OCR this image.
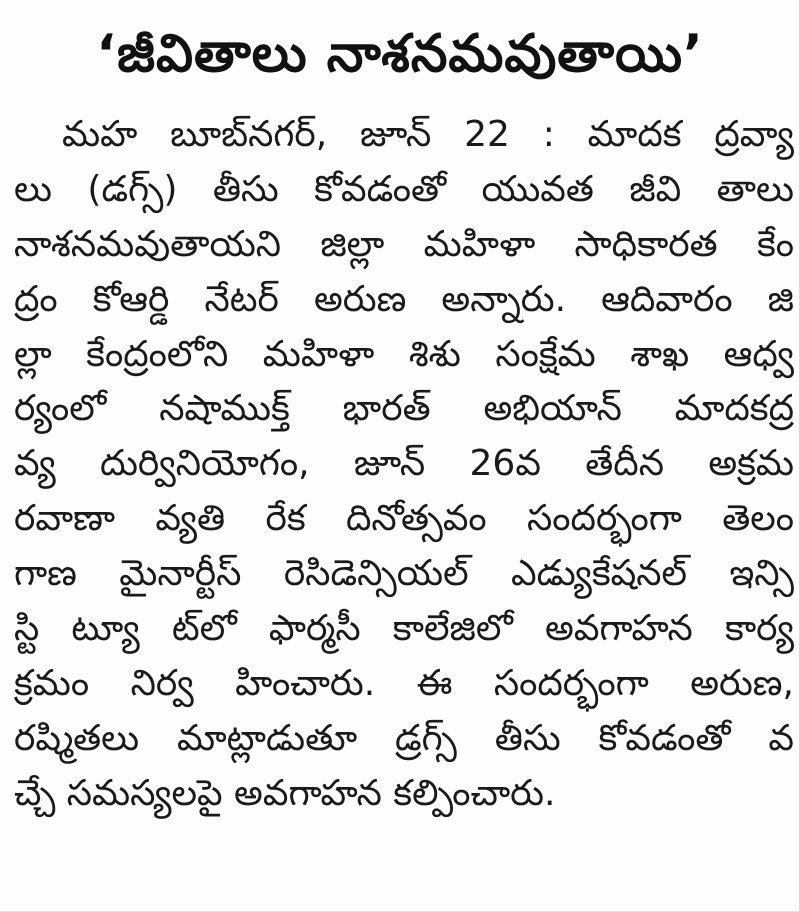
‘జీవితాలు నాశనమవుతాయి’
మహ బూబ్‌నగర్, జూన్ 22 : మాదక ద్రవ్యా
లు (డగ్స్) తీసు కోవడంతో యువత జీవి తాలు
నాశనమవుతాయని జిల్లా మహిళా సాధికారత కేం
ద్రం కోఆర్డి నేటర్ అరుణ అన్నారు. ఆదివారం జి
ల్లా కేంద్రంలోని మహిళా శిశు సంక్షేమ శాఖ ఆధ్వ
ర్యంలో నషాముక్త్ భారత్ అభియాన్ మాదకద్ర
వ్య దుర్వినియోగం, జూన్ 26వ తేదీన అక్రమ
రవాణా వ్యతి రేక దినోత్సవం సందర్భంగా తెలం
గాణ మైనార్టీస్ రెసిడెన్సియల్ ఎడ్యుకేషనల్ ఇన్సి
స్టి ట్యూ ట్‌లో ఫార్మసీ కాలేజిలో అవగాహన కార్య
క్రమం నిర్వ హించారు. ఈ సందర్భంగా అరుణ,
రష్మితలు మాట్లాడుతూ డ్రగ్స్ తీసు కోవడంతో వ
చ్చే సమస్యలపై అవగాహన కల్పించారు.
